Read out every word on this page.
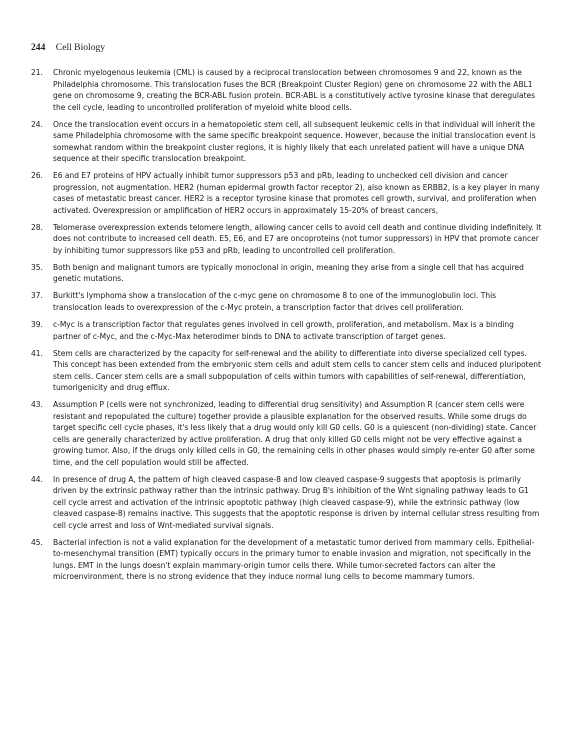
244 Cell Biology
21.	Chronic myelogenous leukemia (CML) is caused by a reciprocal translocation between chromosomes 9 and 22, known as the Philadelphia chromosome. This translocation fuses the BCR (Breakpoint Cluster Region) gene on chromosome 22 with the ABL1 gene on chromosome 9, creating the BCR-ABL fusion protein. BCR-ABL is a constitutively active tyrosine kinase that deregulates the cell cycle, leading to uncontrolled proliferation of myeloid white blood cells.
24.	Once the translocation event occurs in a hematopoietic stem cell, all subsequent leukemic cells in that individual will inherit the same Philadelphia chromosome with the same specific breakpoint sequence. However, because the initial translocation event is somewhat random within the breakpoint cluster regions, it is highly likely that each unrelated patient will have a unique DNA sequence at their specific translocation breakpoint.
26.	E6 and E7 proteins of HPV actually inhibit tumor suppressors p53 and pRb, leading to unchecked cell division and cancer progression, not augmentation. HER2 (human epidermal growth factor receptor 2), also known as ERBB2, is a key player in many cases of metastatic breast cancer. HER2 is a receptor tyrosine kinase that promotes cell growth, survival, and proliferation when activated. Overexpression or amplification of HER2 occurs in approximately 15-20% of breast cancers,
28.	Telomerase overexpression extends telomere length, allowing cancer cells to avoid cell death and continue dividing indefinitely. It does not contribute to increased cell death. E5, E6, and E7 are oncoproteins (not tumor suppressors) in HPV that promote cancer by inhibiting tumor suppressors like p53 and pRb, leading to uncontrolled cell proliferation.
35.	Both benign and malignant tumors are typically monoclonal in origin, meaning they arise from a single cell that has acquired genetic mutations.
37.	Burkitt's lymphoma show a translocation of the c-myc gene on chromosome 8 to one of the immunoglobulin loci. This translocation leads to overexpression of the c-Myc protein, a transcription factor that drives cell proliferation.
39.	c-Myc is a transcription factor that regulates genes involved in cell growth, proliferation, and metabolism. Max is a binding partner of c-Myc, and the c-Myc-Max heterodimer binds to DNA to activate transcription of target genes.
41.	Stem cells are characterized by the capacity for self-renewal and the ability to differentiate into diverse specialized cell types. This concept has been extended from the embryonic stem cells and adult stem cells to cancer stem cells and induced pluripotent stem cells. Cancer stem cells are a small subpopulation of cells within tumors with capabilities of self-renewal, differentiation, tumorigenicity and drug efflux.
43.	Assumption P (cells were not synchronized, leading to differential drug sensitivity) and Assumption R (cancer stem cells were resistant and repopulated the culture) together provide a plausible explanation for the observed results. While some drugs do target specific cell cycle phases, it's less likely that a drug would only kill G0 cells. G0 is a quiescent (non-dividing) state. Cancer cells are generally characterized by active proliferation. A drug that only killed G0 cells might not be very effective against a growing tumor. Also, if the drugs only killed cells in G0, the remaining cells in other phases would simply re-enter G0 after some time, and the cell population would still be affected.
44.	In presence of drug A, the pattern of high cleaved caspase-8 and low cleaved caspase-9 suggests that apoptosis is primarily driven by the extrinsic pathway rather than the intrinsic pathway. Drug B's inhibition of the Wnt signaling pathway leads to G1 cell cycle arrest and activation of the intrinsic apoptotic pathway (high cleaved caspase-9), while the extrinsic pathway (low cleaved caspase-8) remains inactive. This suggests that the apoptotic response is driven by internal cellular stress resulting from cell cycle arrest and loss of Wnt-mediated survival signals.
45.	Bacterial infection is not a valid explanation for the development of a metastatic tumor derived from mammary cells. Epithelial-to-mesenchymal transition (EMT) typically occurs in the primary tumor to enable invasion and migration, not specifically in the lungs. EMT in the lungs doesn't explain mammary-origin tumor cells there. While tumor-secreted factors can alter the microenvironment, there is no strong evidence that they induce normal lung cells to become mammary tumors.
